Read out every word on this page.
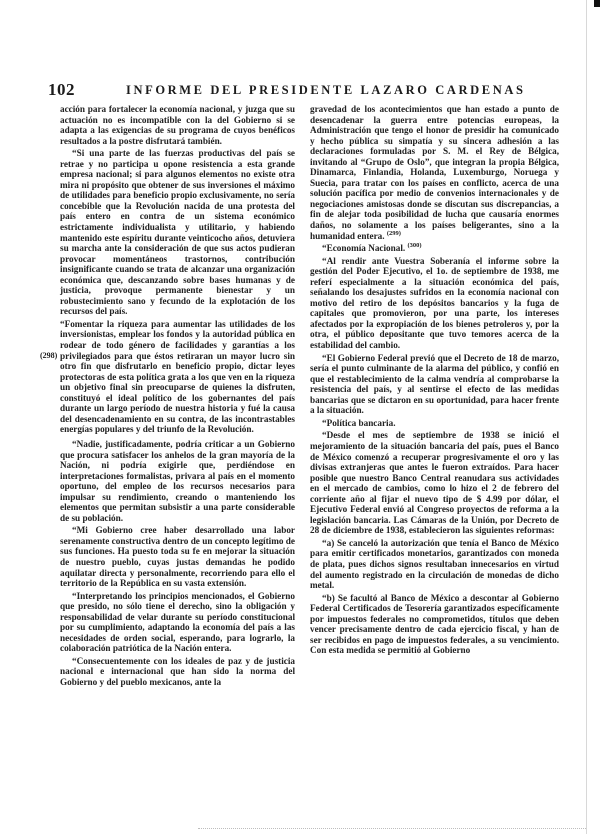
102	INFORME DEL PRESIDENTE LAZARO CARDENAS
(298)

acción para fortalecer la economía nacional, y juzga que su actuación no es incompatible con la del Gobierno si se adapta a las exigencias de su programa de cuyos benéficos resultados a la postre disfrutará también.

“Si una parte de las fuerzas productivas del país se retrae y no participa u opone resistencia a esta grande empresa nacional; si para algunos elementos no existe otra mira ni propósito que obtener de sus inversiones el máximo de utilidades para beneficio propio exclusivamente, no sería concebible que la Revolución nacida de una protesta del país entero en contra de un sistema económico estrictamente individualista y utilitario, y habiendo mantenido este espíritu durante veinticocho años, detuviera su marcha ante la consideración de que sus actos pudieran provocar momentáneos trastornos, contribución insignificante cuando se trata de alcanzar una organización económica que, descanzando sobre bases humanas y de justicia, provoque permanente bienestar y un robustecimiento sano y fecundo de la explotación de los recursos del país.

“Fomentar la riqueza para aumentar las utilidades de los inversionistas, emplear los fondos y la autoridad pública en rodear de todo género de facilidades y garantías a los privilegiados para que éstos retiraran un mayor lucro sin otro fin que disfrutarlo en beneficio propio, dictar leyes protectoras de esta política grata a los que ven en la riqueza un objetivo final sin preocuparse de quienes la disfruten, constituyó el ideal político de los gobernantes del país durante un largo período de nuestra historia y fué la causa del desencadenamiento en su contra, de las incontrastables energías populares y del triunfo de la Revolución.

“Nadie, justificadamente, podría criticar a un Gobierno que procura satisfacer los anhelos de la gran mayoría de la Nación, ni podría exigirle que, perdiéndose en interpretaciones formalistas, privara al país en el momento oportuno, del empleo de los recursos necesarios para impulsar su rendimiento, creando o manteniendo los elementos que permitan subsistir a una parte considerable de su población.

“Mi Gobierno cree haber desarrollado una labor serenamente constructiva dentro de un concepto legítimo de sus funciones. Ha puesto toda su fe en mejorar la situación de nuestro pueblo, cuyas justas demandas he podido aquilatar directa y personalmente, recorriendo para ello el territorio de la República en su vasta extensión.

“Interpretando los principios mencionados, el Gobierno que presido, no sólo tiene el derecho, sino la obligación y responsabilidad de velar durante su período constitucional por su cumplimiento, adaptando la economía del país a las necesidades de orden social, esperando, para lograrlo, la colaboración patriótica de la Nación entera.

“Consecuentemente con los ideales de paz y de justicia nacional e internacional que han sido la norma del Gobierno y del pueblo mexicanos, ante la

gravedad de los acontecimientos que han estado a punto de desencadenar la guerra entre potencias europeas, la Administración que tengo el honor de presidir ha comunicado y hecho pública su simpatía y su sincera adhesión a las declaraciones formuladas por S. M. el Rey de Bélgica, invitando al “Grupo de Oslo”, que integran la propia Bélgica, Dinamarca, Finlandia, Holanda, Luxemburgo, Noruega y Suecia, para tratar con los países en conflicto, acerca de una solución pacífica por medio de convenios internacionales y de negociaciones amistosas donde se discutan sus discrepancias, a fin de alejar toda posibilidad de lucha que causaría enormes daños, no solamente a los países beligerantes, sino a la humanidad entera. $^{(299)}$

“Economía Nacional. $^{(300)}$

“Al rendir ante Vuestra Soberanía el informe sobre la gestión del Poder Ejecutivo, el 1o. de septiembre de 1938, me referí especialmente a la situación económica del país, señalando los desajustes sufridos en la economía nacional con motivo del retiro de los depósitos bancarios y la fuga de capitales que promovieron, por una parte, los intereses afectados por la expropiación de los bienes petroleros y, por la otra, el público depositante que tuvo temores acerca de la estabilidad del cambio.

“El Gobierno Federal previó que el Decreto de 18 de marzo, sería el punto culminante de la alarma del público, y confió en que el restablecimiento de la calma vendría al comprobarse la resistencia del país, y al sentirse el efecto de las medidas bancarias que se dictaron en su oportunidad, para hacer frente a la situación.

“Política bancaria.

“Desde el mes de septiembre de 1938 se inició el mejoramiento de la situación bancaria del país, pues el Banco de México comenzó a recuperar progresivamente el oro y las divisas extranjeras que antes le fueron extraídos. Para hacer posible que nuestro Banco Central reanudara sus actividades en el mercado de cambios, como lo hizo el 2 de febrero del corriente año al fijar el nuevo tipo de $ 4.99 por dólar, el Ejecutivo Federal envió al Congreso proyectos de reforma a la legislación bancaria. Las Cámaras de la Unión, por Decreto de 28 de diciembre de 1938, establecieron las siguientes reformas:

“a) Se canceló la autorización que tenía el Banco de México para emitir certificados monetarios, garantizados con moneda de plata, pues dichos signos resultaban innecesarios en virtud del aumento registrado en la circulación de monedas de dicho metal.

“b) Se facultó al Banco de México a descontar al Gobierno Federal Certificados de Tesorería garantizados específicamente por impuestos federales no comprometidos, títulos que deben vencer precisamente dentro de cada ejercicio fiscal, y han de ser recibidos en pago de impuestos federales, a su vencimiento. Con esta medida se permitió al Gobierno
